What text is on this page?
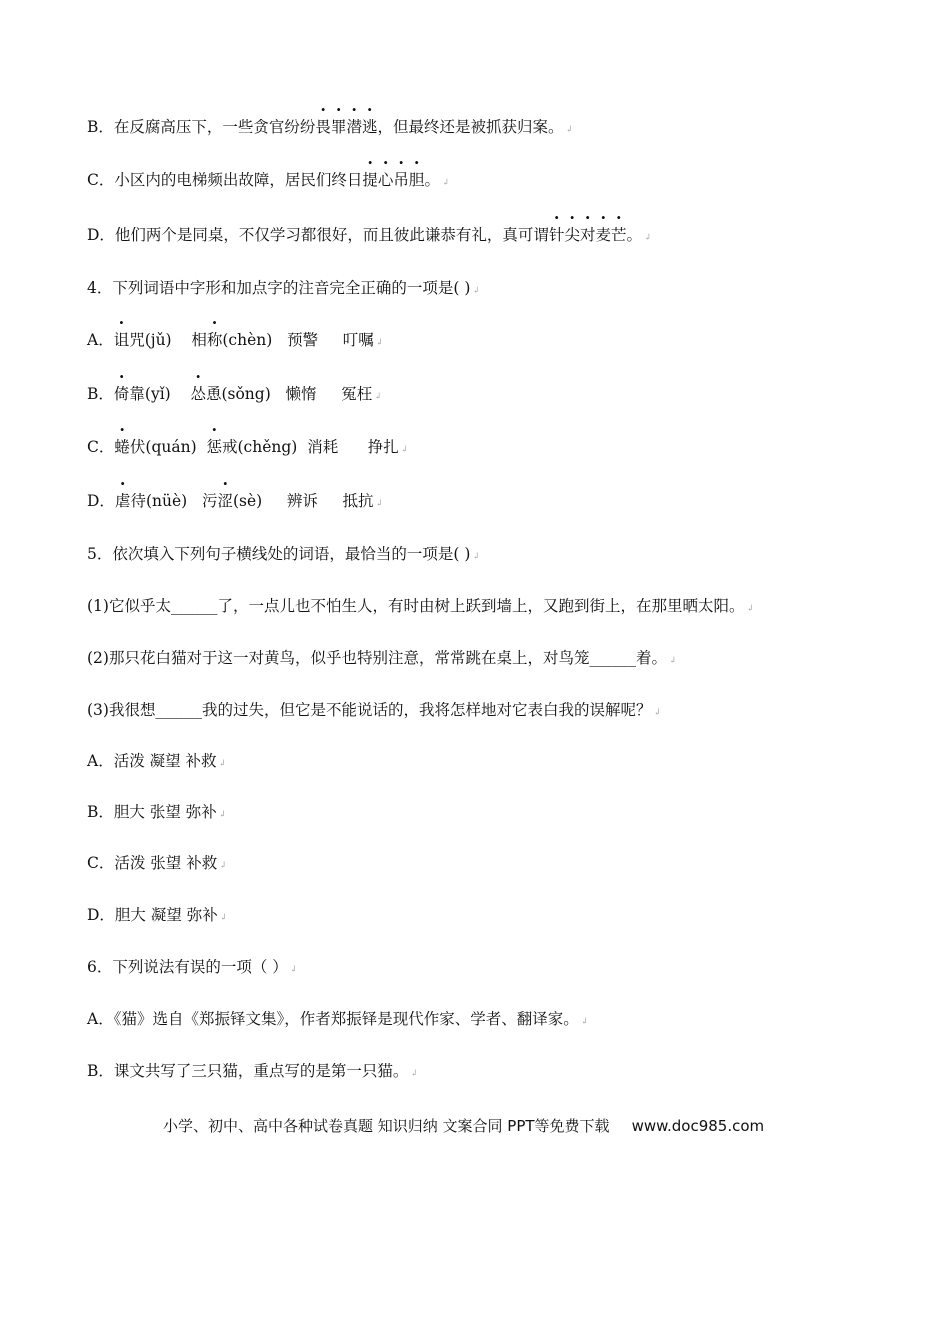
B．在反腐高压下，一些贪官纷纷畏罪潜逃，但最终还是被抓获归案。 ↲
C．小区内的电梯频出故障，居民们终日提心吊胆。 ↲
D．他们两个是同桌，不仅学习都很好，而且彼此谦恭有礼，真可谓针尖对麦芒。 ↲
4．下列词语中字形和加点字的注音完全正确的一项是( ) ↲
A．诅咒(jǔ) 相称(chèn) 预警 叮嘱 ↲
B．倚靠(yǐ) 怂恿(sǒng) 懒惰 冤枉 ↲
C．蜷伏(quán) 惩戒(chěng) 消耗 挣扎 ↲
D．虐待(nüè) 污涩(sè) 辨诉 抵抗 ↲
5．依次填入下列句子横线处的词语，最恰当的一项是( ) ↲
(1)它似乎太______了，一点儿也不怕生人，有时由树上跃到墙上，又跑到街上，在那里晒太阳。 ↲
(2)那只花白猫对于这一对黄鸟，似乎也特别注意，常常跳在桌上，对鸟笼______着。 ↲
(3)我很想______我的过失，但它是不能说话的，我将怎样地对它表白我的误解呢？ ↲
A．活泼 凝望 补救 ↲
B．胆大 张望 弥补 ↲
C．活泼 张望 补救 ↲
D．胆大 凝望 弥补 ↲
6．下列说法有误的一项（ ） ↲
A．《猫》选自《郑振铎文集》，作者郑振铎是现代作家、学者、翻译家。 ↲
B．课文共写了三只猫，重点写的是第一只猫。 ↲
小学、初中、高中各种试卷真题 知识归纳 文案合同 PPT等免费下载 www.doc985.com
